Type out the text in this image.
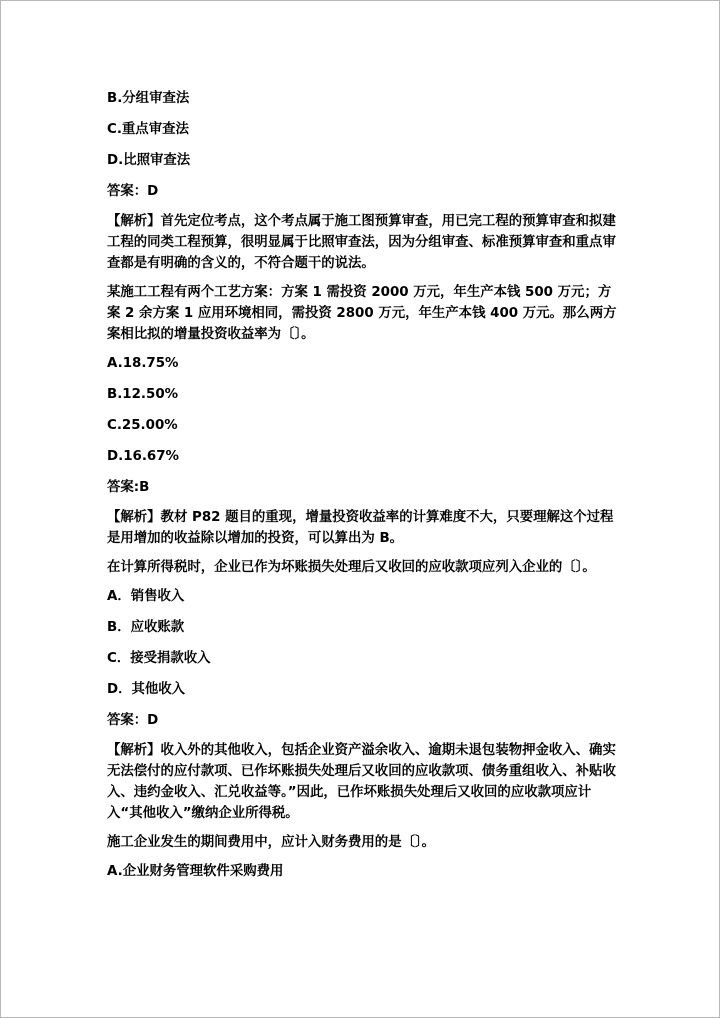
B.分组审查法
C.重点审查法
D.比照审查法
答案：D
【解析】首先定位考点，这个考点属于施工图预算审查，用已完工程的预算审查和拟建工程的同类工程预算，很明显属于比照审查法，因为分组审查、标准预算审查和重点审查都是有明确的含义的，不符合题干的说法。
某施工工程有两个工艺方案：方案 1 需投资 2000 万元，年生产本钱 500 万元；方案 2 余方案 1 应用环境相同，需投资 2800 万元，年生产本钱 400 万元。那么两方案相比拟的增量投资收益率为〔〕。
A.18.75%
B.12.50%
C.25.00%
D.16.67%
答案:B
【解析】教材 P82 题目的重现，增量投资收益率的计算难度不大，只要理解这个过程是用增加的收益除以增加的投资，可以算出为 B。
在计算所得税时，企业已作为坏账损失处理后又收回的应收款项应列入企业的〔〕。
A．销售收入
B．应收账款
C．接受捐款收入
D．其他收入
答案：D
【解析】收入外的其他收入，包括企业资产溢余收入、逾期未退包装物押金收入、确实无法偿付的应付款项、已作坏账损失处理后又收回的应收款项、债务重组收入、补贴收入、违约金收入、汇兑收益等。”因此，已作坏账损失处理后又收回的应收款项应计入“其他收入”缴纳企业所得税。
施工企业发生的期间费用中，应计入财务费用的是〔〕。
A.企业财务管理软件采购费用
